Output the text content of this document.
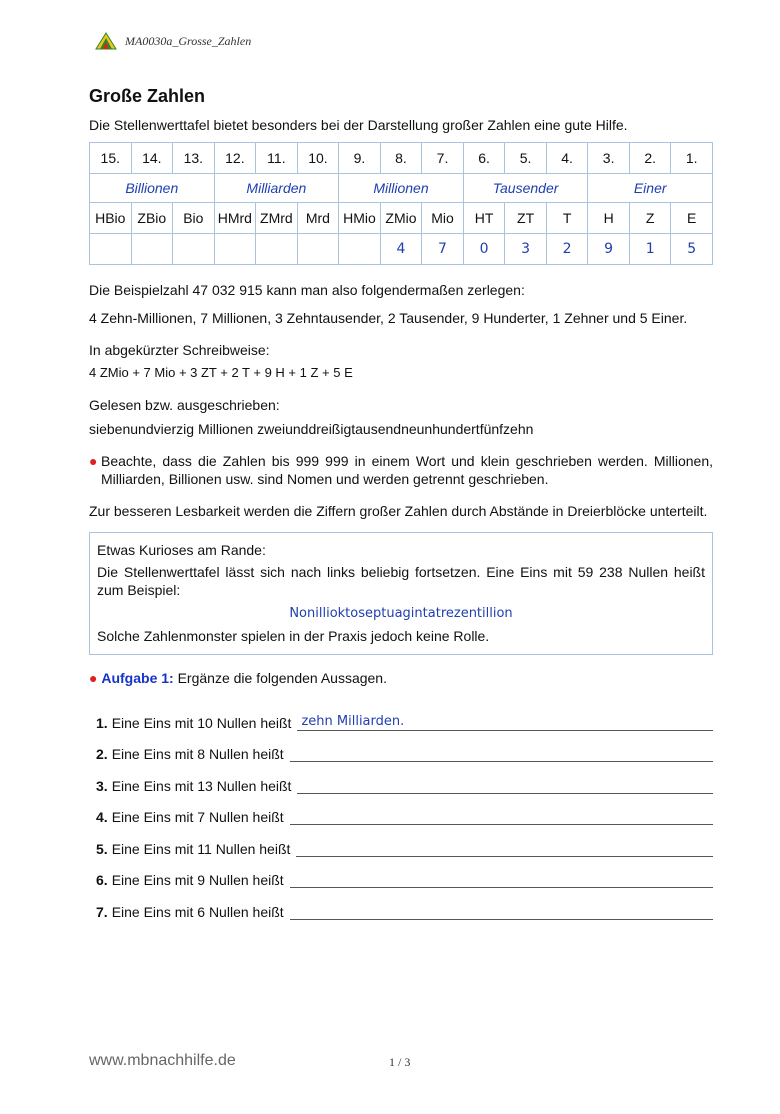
MA0030a_Grosse_Zahlen
Große Zahlen

Die Stellenwerttafel bietet besonders bei der Darstellung großer Zahlen eine gute Hilfe.

15.	14.	13.	12.	11.	10.	9.	8.	7.	6.	5.	4.	3.	2.	1.
Billionen			Milliarden			Millionen			Tausender			Einer		
HBio	ZBio	Bio	HMrd	ZMrd	Mrd	HMio	ZMio	Mio	HT	ZT	T	H	Z	E
							4	7	0	3	2	9	1	5

Die Beispielzahl 47 032 915 kann man also folgendermaßen zerlegen:

4 Zehn-Millionen, 7 Millionen, 3 Zehntausender, 2 Tausender, 9 Hunderter, 1 Zehner und 5 Einer.

In abgekürzter Schreibweise:

4 ZMio + 7 Mio + 3 ZT + 2 T + 9 H + 1 Z + 5 E

Gelesen bzw. ausgeschrieben:

siebenundvierzig Millionen zweiunddreißigtausendneunhundertfünfzehn

● Beachte, dass die Zahlen bis 999 999 in einem Wort und klein geschrieben werden. Millionen, Milliarden, Billionen usw. sind Nomen und werden getrennt geschrieben.

Zur besseren Lesbarkeit werden die Ziffern großer Zahlen durch Abstände in Dreierblöcke unterteilt.

Etwas Kurioses am Rande:

Die Stellenwerttafel lässt sich nach links beliebig fortsetzen. Eine Eins mit 59 238 Nullen heißt zum Beispiel:

Nonillioktoseptuagintatrezentillion

Solche Zahlenmonster spielen in der Praxis jedoch keine Rolle.

● Aufgabe 1: Ergänze die folgenden Aussagen.

1. Eine Eins mit 10 Nullen heißt zehn Milliarden.
2. Eine Eins mit 8 Nullen heißt
3. Eine Eins mit 13 Nullen heißt
4. Eine Eins mit 7 Nullen heißt
5. Eine Eins mit 11 Nullen heißt
6. Eine Eins mit 9 Nullen heißt
7. Eine Eins mit 6 Nullen heißt
www.mbnachhilfe.de	1 / 3
